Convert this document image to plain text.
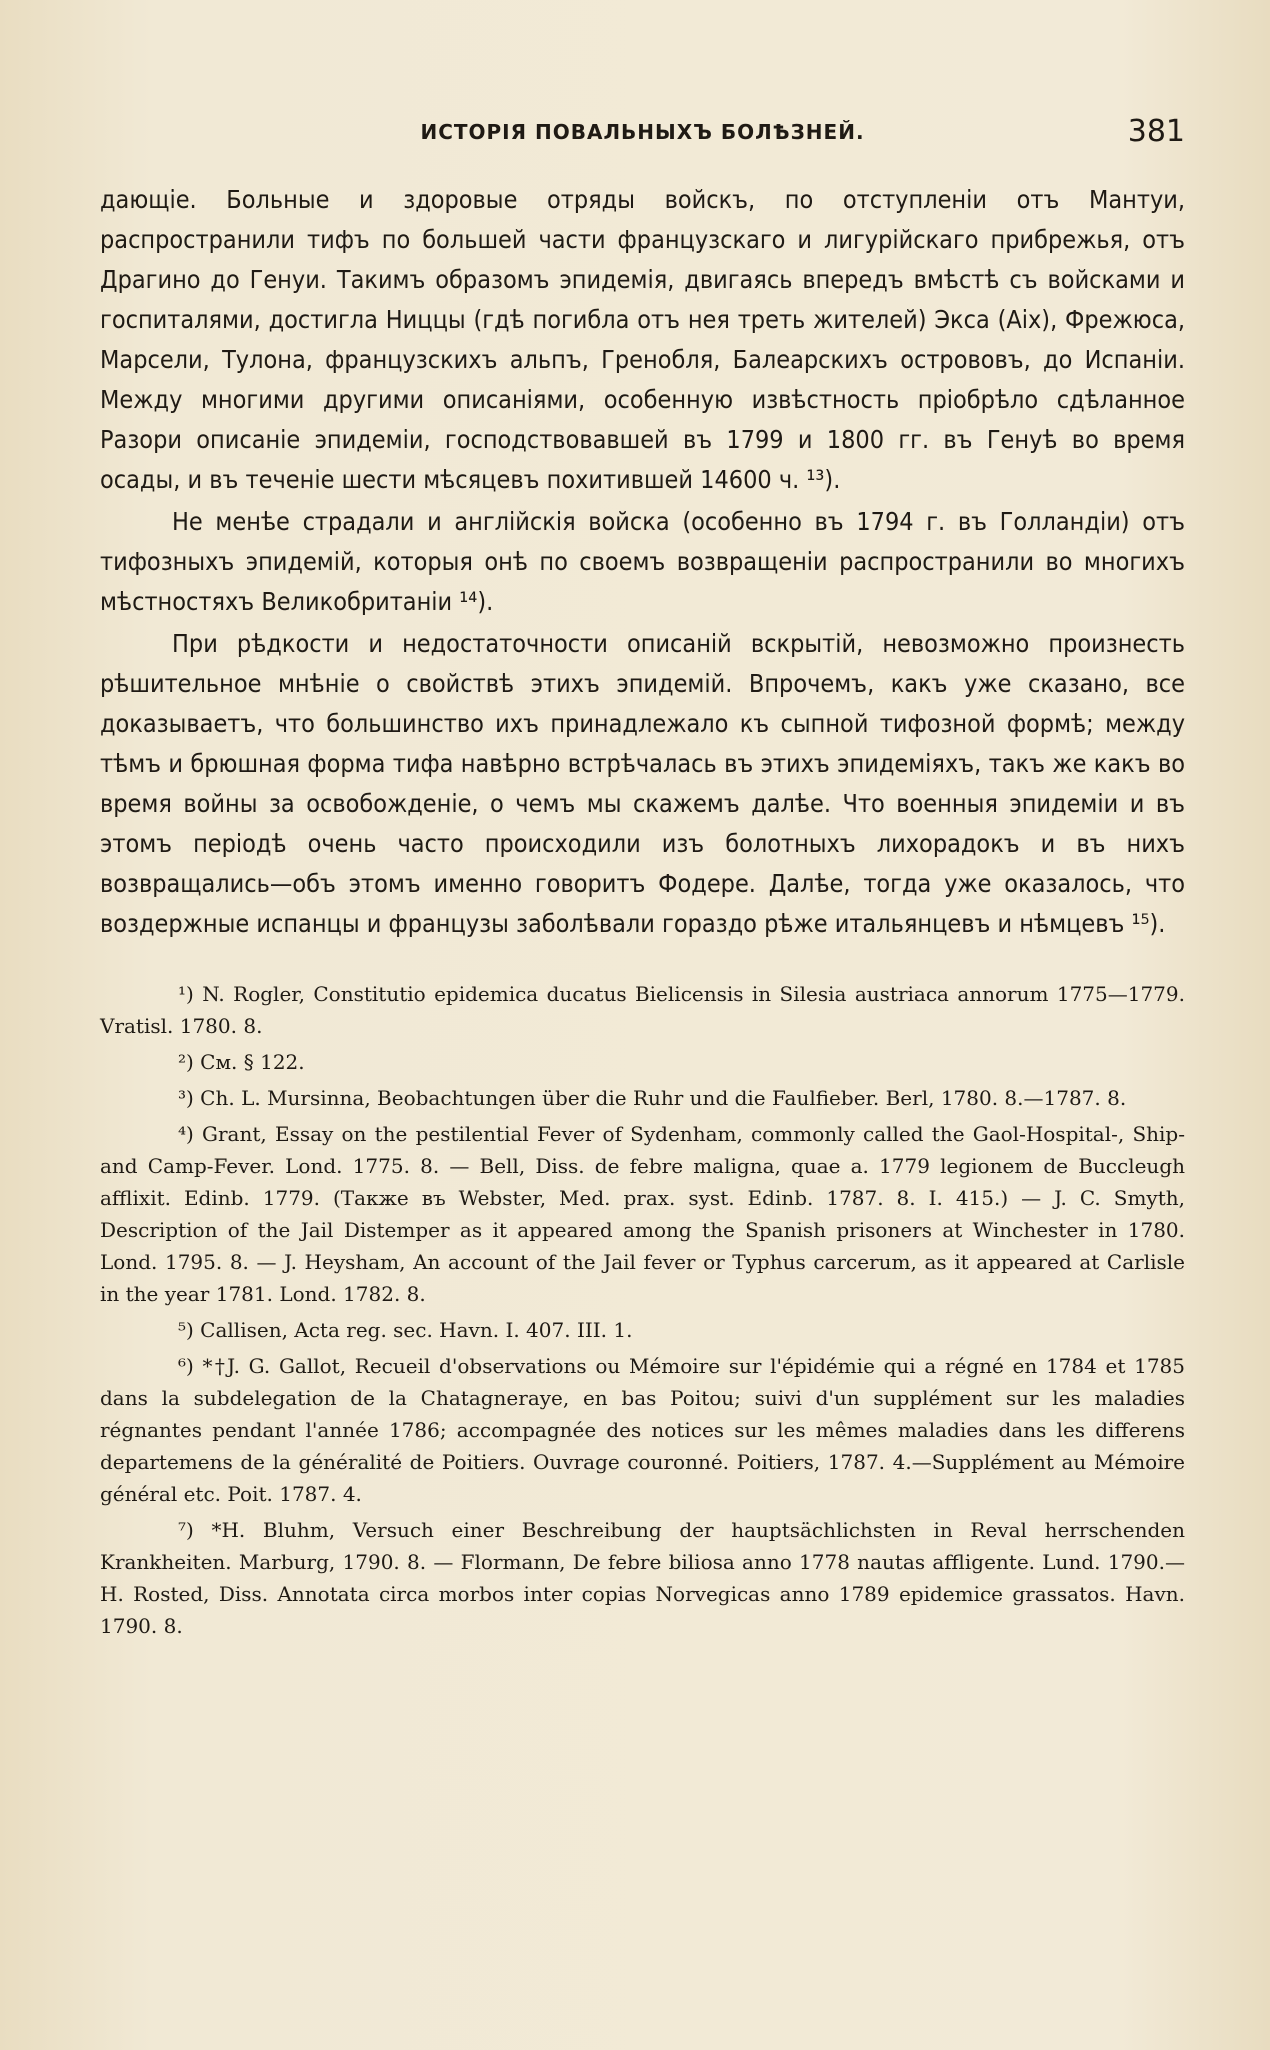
ИСТОРІЯ ПОВАЛЬНЫХЪ БОЛѢЗНЕЙ.	381

дающіе. Больные и здоровые отряды войскъ, по отступленіи отъ Мантуи, распространили тифъ по большей части французскаго и лигурійскаго прибрежья, отъ Драгино до Генуи. Такимъ образомъ эпидемія, двигаясь впередъ вмѣстѣ съ войсками и госпиталями, достигла Ниццы (гдѣ погибла отъ нея треть жителей) Экса (Aix), Фрежюса, Марсели, Тулона, французскихъ альпъ, Гренобля, Балеарскихъ острововъ, до Испаніи. Между многими другими описаніями, особенную извѣстность пріобрѣло сдѣланное Разори описаніе эпидеміи, господствовавшей въ 1799 и 1800 гг. въ Генуѣ во время осады, и въ теченіе шести мѣсяцевъ похитившей 14600 ч. ¹³).

Не менѣе страдали и англійскія войска (особенно въ 1794 г. въ Голландіи) отъ тифозныхъ эпидемій, которыя онѣ по своемъ возвращеніи распространили во многихъ мѣстностяхъ Великобританіи ¹⁴).

При рѣдкости и недостаточности описаній вскрытій, невозможно произнесть рѣшительное мнѣніе о свойствѣ этихъ эпидемій. Впрочемъ, какъ уже сказано, все доказываетъ, что большинство ихъ принадлежало къ сыпной тифозной формѣ; между тѣмъ и брюшная форма тифа навѣрно встрѣчалась въ этихъ эпидеміяхъ, такъ же какъ во время войны за освобожденіе, о чемъ мы скажемъ далѣе. Что военныя эпидеміи и въ этомъ періодѣ очень часто происходили изъ болотныхъ лихорадокъ и въ нихъ возвращались—объ этомъ именно говоритъ Фодере. Далѣе, тогда уже оказалось, что воздержные испанцы и французы заболѣвали гораздо рѣже итальянцевъ и нѣмцевъ ¹⁵).

¹) N. Rogler, Constitutio epidemica ducatus Bielicensis in Silesia austriaca annorum 1775—1779. Vratisl. 1780. 8.

²) См. § 122.

³) Ch. L. Mursinna, Beobachtungen über die Ruhr und die Faulfieber. Berl, 1780. 8.—1787. 8.

⁴) Grant, Essay on the pestilential Fever of Sydenham, commonly called the Gaol-Hospital-, Ship-and Camp-Fever. Lond. 1775. 8. — Bell, Diss. de febre maligna, quae a. 1779 legionem de Buccleugh afflixit. Edinb. 1779. (Также въ Webster, Med. prax. syst. Edinb. 1787. 8. I. 415.) — J. C. Smyth, Description of the Jail Distemper as it appeared among the Spanish prisoners at Winchester in 1780. Lond. 1795. 8. — J. Heysham, An account of the Jail fever or Typhus carcerum, as it appeared at Carlisle in the year 1781. Lond. 1782. 8.

⁵) Callisen, Acta reg. sec. Havn. I. 407. III. 1.

⁶) *†J. G. Gallot, Recueil d'observations ou Mémoire sur l'épidémie qui a régné en 1784 et 1785 dans la subdelegation de la Chatagneraye, en bas Poitou; suivi d'un supplément sur les maladies régnantes pendant l'année 1786; accompagnée des notices sur les mêmes maladies dans les differens departemens de la généralité de Poitiers. Ouvrage couronné. Poitiers, 1787. 4.—Supplément au Mémoire général etc. Poit. 1787. 4.

⁷) *H. Bluhm, Versuch einer Beschreibung der hauptsächlichsten in Reval herrschenden Krankheiten. Marburg, 1790. 8. — Flormann, De febre biliosa anno 1778 nautas affligente. Lund. 1790.—H. Rosted, Diss. Annotata circa morbos inter copias Norvegicas anno 1789 epidemice grassatos. Havn. 1790. 8.
